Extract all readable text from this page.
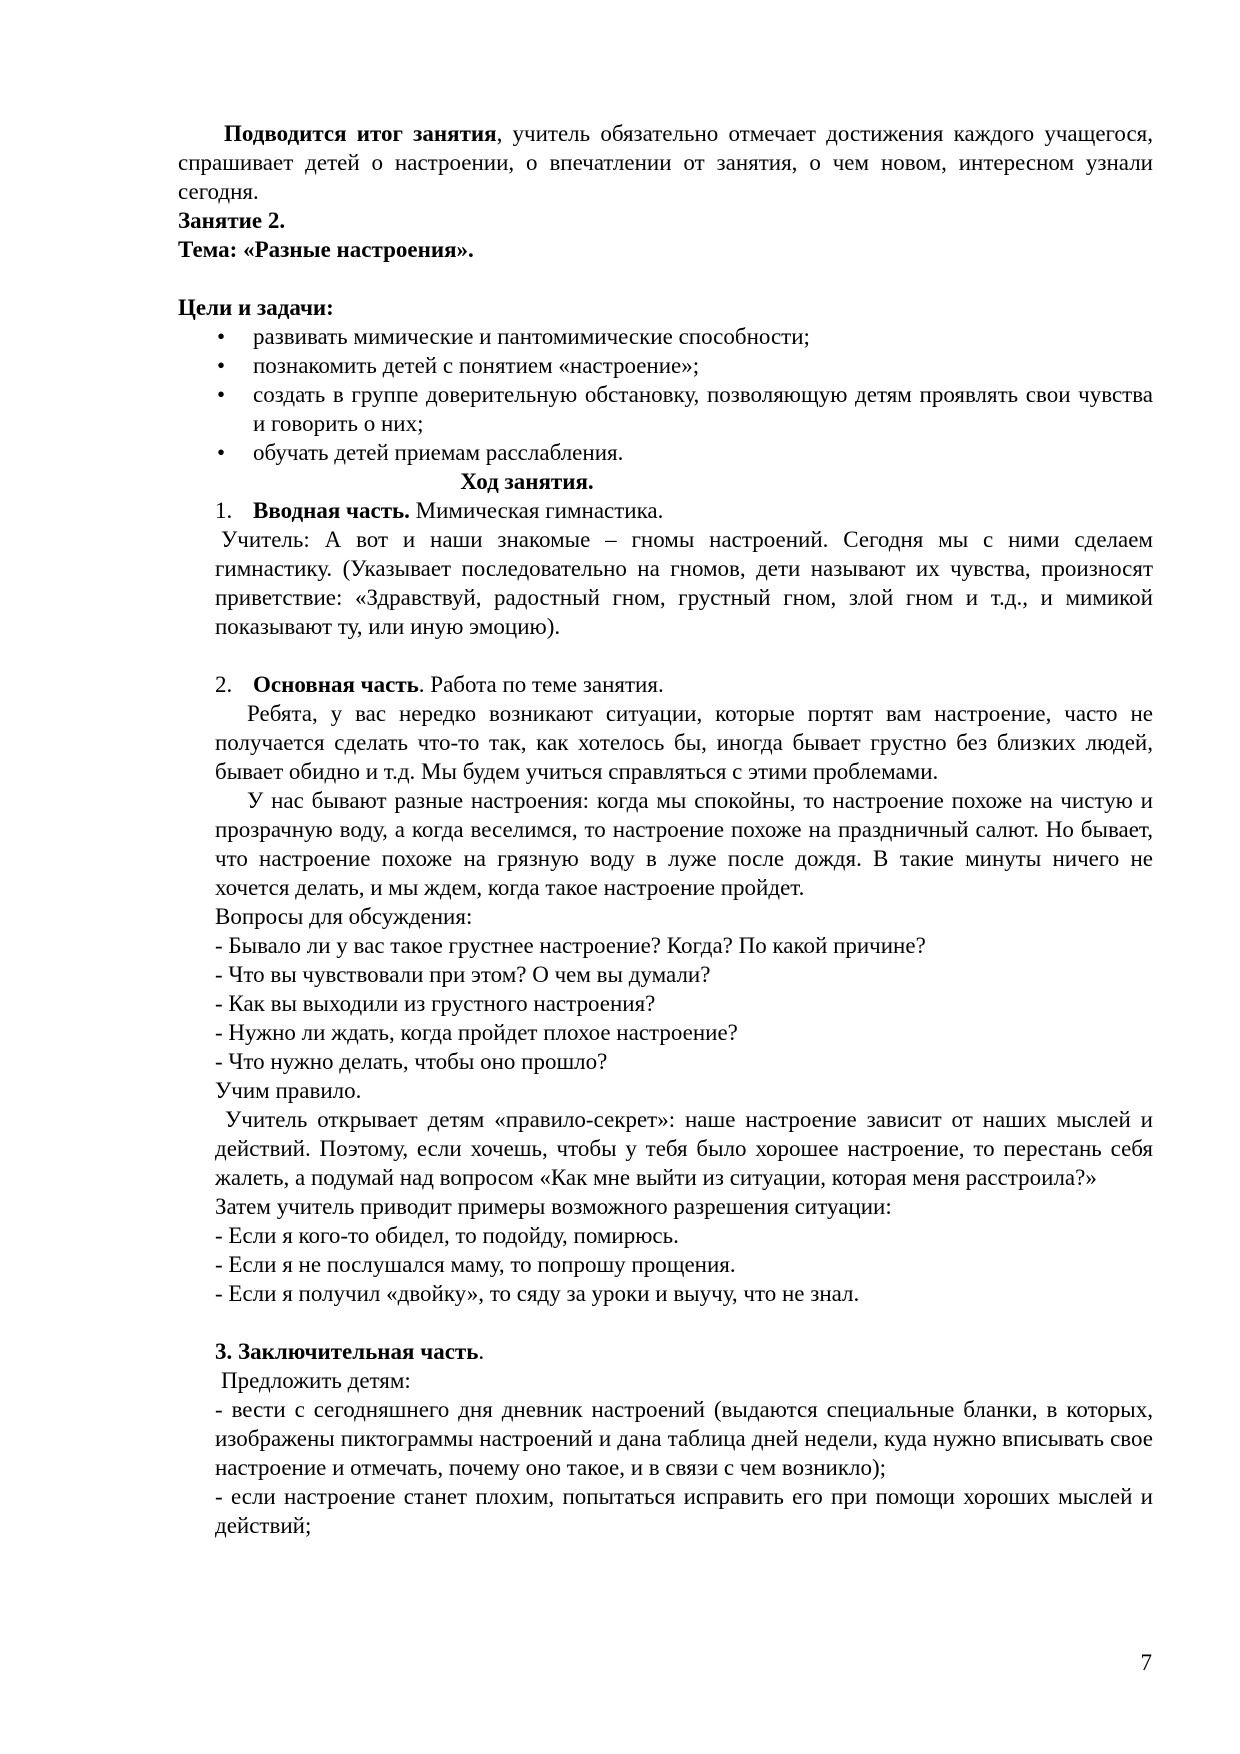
Подводится итог занятия, учитель обязательно отмечает достижения каждого учащегося, спрашивает детей о настроении, о впечатлении от занятия, о чем новом, интересном узнали сегодня.

Занятие 2.
Тема: «Разные настроения».
Цели и задачи:
• развивать мимические и пантомимические способности;
• познакомить детей с понятием «настроение»;
• создать в группе доверительную обстановку, позволяющую детям проявлять свои чувства и говорить о них;
• обучать детей приемам расслабления.
Ход занятия.
1. Вводная часть. Мимическая гимнастика.

Учитель: А вот и наши знакомые – гномы настроений. Сегодня мы с ними сделаем гимнастику. (Указывает последовательно на гномов, дети называют их чувства, произносят приветствие: «Здравствуй, радостный гном, грустный гном, злой гном и т.д., и мимикой показывают ту, или иную эмоцию).

2. Основная часть. Работа по теме занятия.

Ребята, у вас нередко возникают ситуации, которые портят вам настроение, часто не получается сделать что-то так, как хотелось бы, иногда бывает грустно без близких людей, бывает обидно и т.д. Мы будем учиться справляться с этими проблемами.

У нас бывают разные настроения: когда мы спокойны, то настроение похоже на чистую и прозрачную воду, а когда веселимся, то настроение похоже на праздничный салют. Но бывает, что настроение похоже на грязную воду в луже после дождя. В такие минуты ничего не хочется делать, и мы ждем, когда такое настроение пройдет.

Вопросы для обсуждения:
- Бывало ли у вас такое грустнее настроение? Когда? По какой причине?
- Что вы чувствовали при этом? О чем вы думали?
- Как вы выходили из грустного настроения?
- Нужно ли ждать, когда пройдет плохое настроение?
- Что нужно делать, чтобы оно прошло?
Учим правило.

Учитель открывает детям «правило-секрет»: наше настроение зависит от наших мыслей и действий. Поэтому, если хочешь, чтобы у тебя было хорошее настроение, то перестань себя жалеть, а подумай над вопросом «Как мне выйти из ситуации, которая меня расстроила?»

Затем учитель приводит примеры возможного разрешения ситуации:
- Если я кого-то обидел, то подойду, помирюсь.
- Если я не послушался маму, то попрошу прощения.
- Если я получил «двойку», то сяду за уроки и выучу, что не знал.
3. Заключительная часть.
Предложить детям:

- вести с сегодняшнего дня дневник настроений (выдаются специальные бланки, в которых, изображены пиктограммы настроений и дана таблица дней недели, куда нужно вписывать свое настроение и отмечать, почему оно такое, и в связи с чем возникло);

- если настроение станет плохим, попытаться исправить его при помощи хороших мыслей и действий;

7
